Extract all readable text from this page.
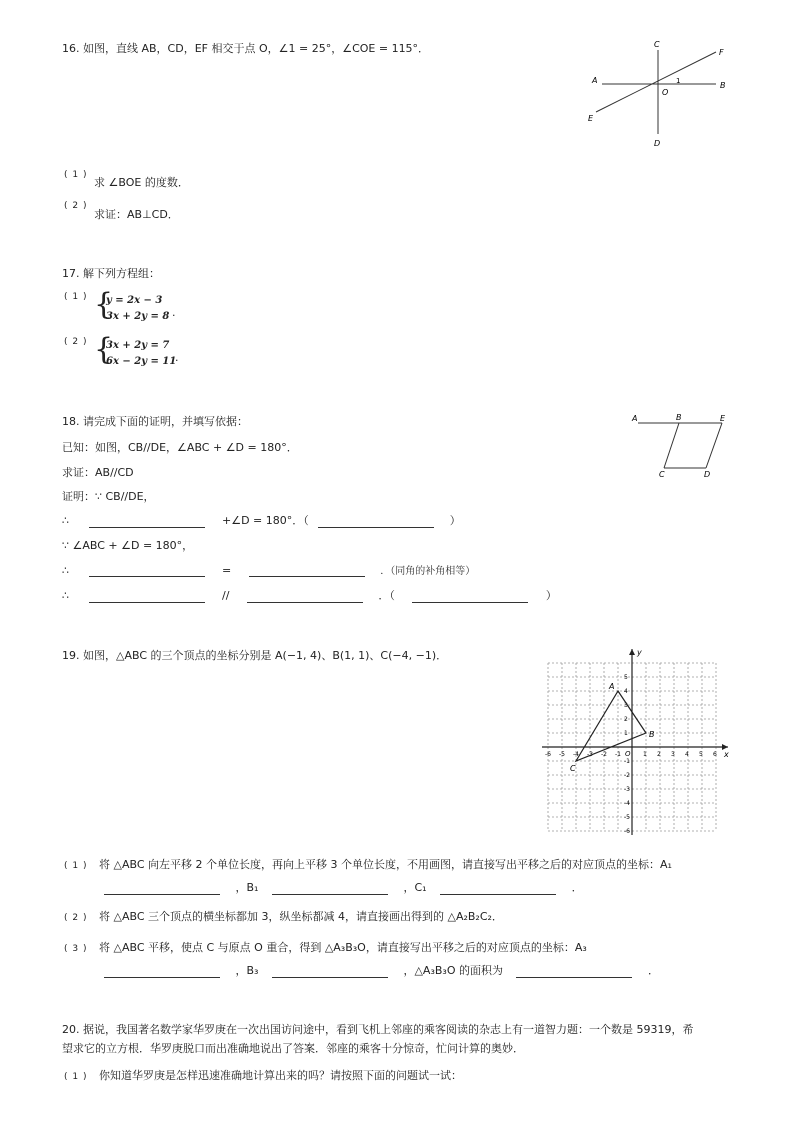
16. 如图，直线 AB，CD，EF 相交于点 O，∠1 = 25°，∠COE = 115°．	C
F
A
B
O
1
E
D
( 1 )
求 ∠BOE 的度数．
( 2 )
求证：AB⊥CD．
17. 解下列方程组：
( 1 ) {
y = 2x − 3
3x + 2y = 8 .
( 2 ) {
3x + 2y = 7
6x − 2y = 11
.
18. 请完成下面的证明，并填写依据：	A	B	E
C	D
已知：如图，CB//DE，∠ABC + ∠D = 180°．
求证：AB//CD
证明：∵ CB//DE，
∴	+∠D = 180°．（	）
∵ ∠ABC + ∠D = 180°，
∴	=	．（同角的补角相等）
∴	//	．（	）
19. 如图，△ABC 的三个顶点的坐标分别是 A(−1, 4)、B(1, 1)、C(−4, −1)．
x
y
O
-6 -5 -4 -3 -2 -1	1 2 3 4 5 6
5
4
3
2
1
-1
-2
-3
-4
-5
-6
A
B
C
( 1 ) 将 △ABC 向左平移 2 个单位长度，再向上平移 3 个单位长度，不用画图，请直接写出平移之后的对应顶点的坐标：A₁
，B₁	，C₁	．
( 2 ) 将 △ABC 三个顶点的横坐标都加 3，纵坐标都减 4，请直接画出得到的 △A₂B₂C₂．
( 3 ) 将 △ABC 平移，使点 C 与原点 O 重合，得到 △A₃B₃O，请直接写出平移之后的对应顶点的坐标：A₃
，B₃	，△A₃B₃O 的面积为	．
20. 据说，我国著名数学家华罗庚在一次出国访问途中，看到飞机上邻座的乘客阅读的杂志上有一道智力题：一个数是 59319，希
望求它的立方根．华罗庚脱口而出准确地说出了答案．邻座的乘客十分惊奇，忙问计算的奥妙．
( 1 ) 你知道华罗庚是怎样迅速准确地计算出来的吗？请按照下面的问题试一试：
